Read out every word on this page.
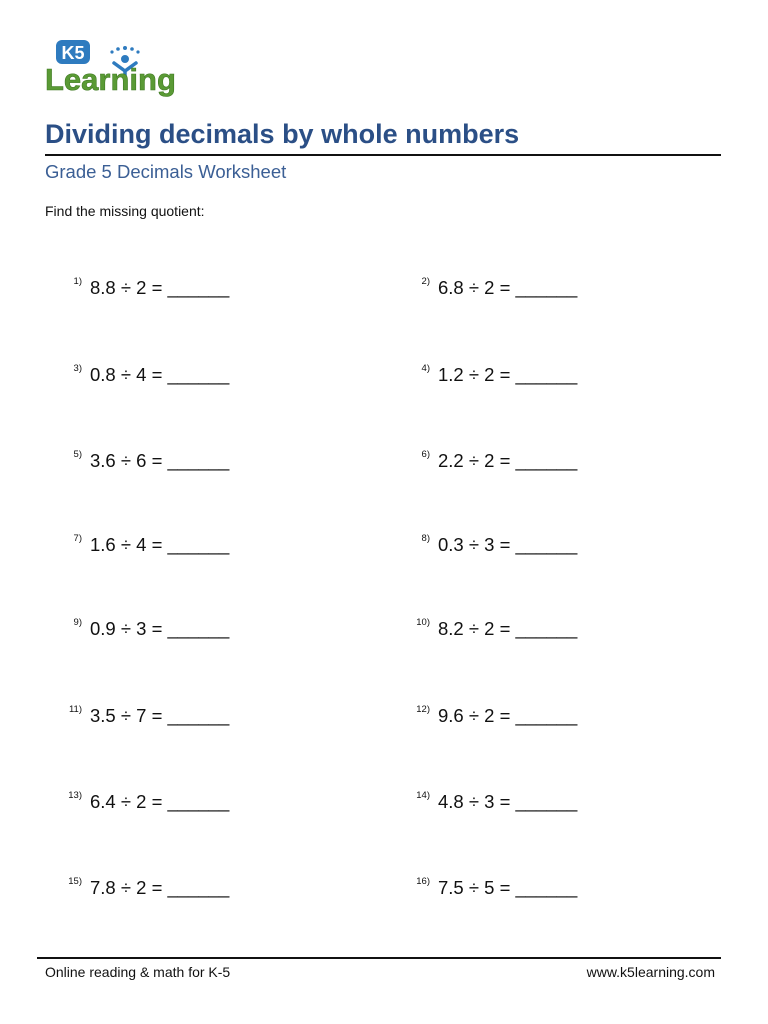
K5
Learning
Dividing decimals by whole numbers
Grade 5 Decimals Worksheet
Find the missing quotient:
1) 8.8 ÷ 2 = ______	2) 6.8 ÷ 2 = ______
3) 0.8 ÷ 4 = ______	4) 1.2 ÷ 2 = ______
5) 3.6 ÷ 6 = ______	6) 2.2 ÷ 2 = ______
7) 1.6 ÷ 4 = ______	8) 0.3 ÷ 3 = ______
9) 0.9 ÷ 3 = ______	10) 8.2 ÷ 2 = ______
11) 3.5 ÷ 7 = ______	12) 9.6 ÷ 2 = ______
13) 6.4 ÷ 2 = ______	14) 4.8 ÷ 3 = ______
15) 7.8 ÷ 2 = ______	16) 7.5 ÷ 5 = ______
Online reading & math for K-5	www.k5learning.com
